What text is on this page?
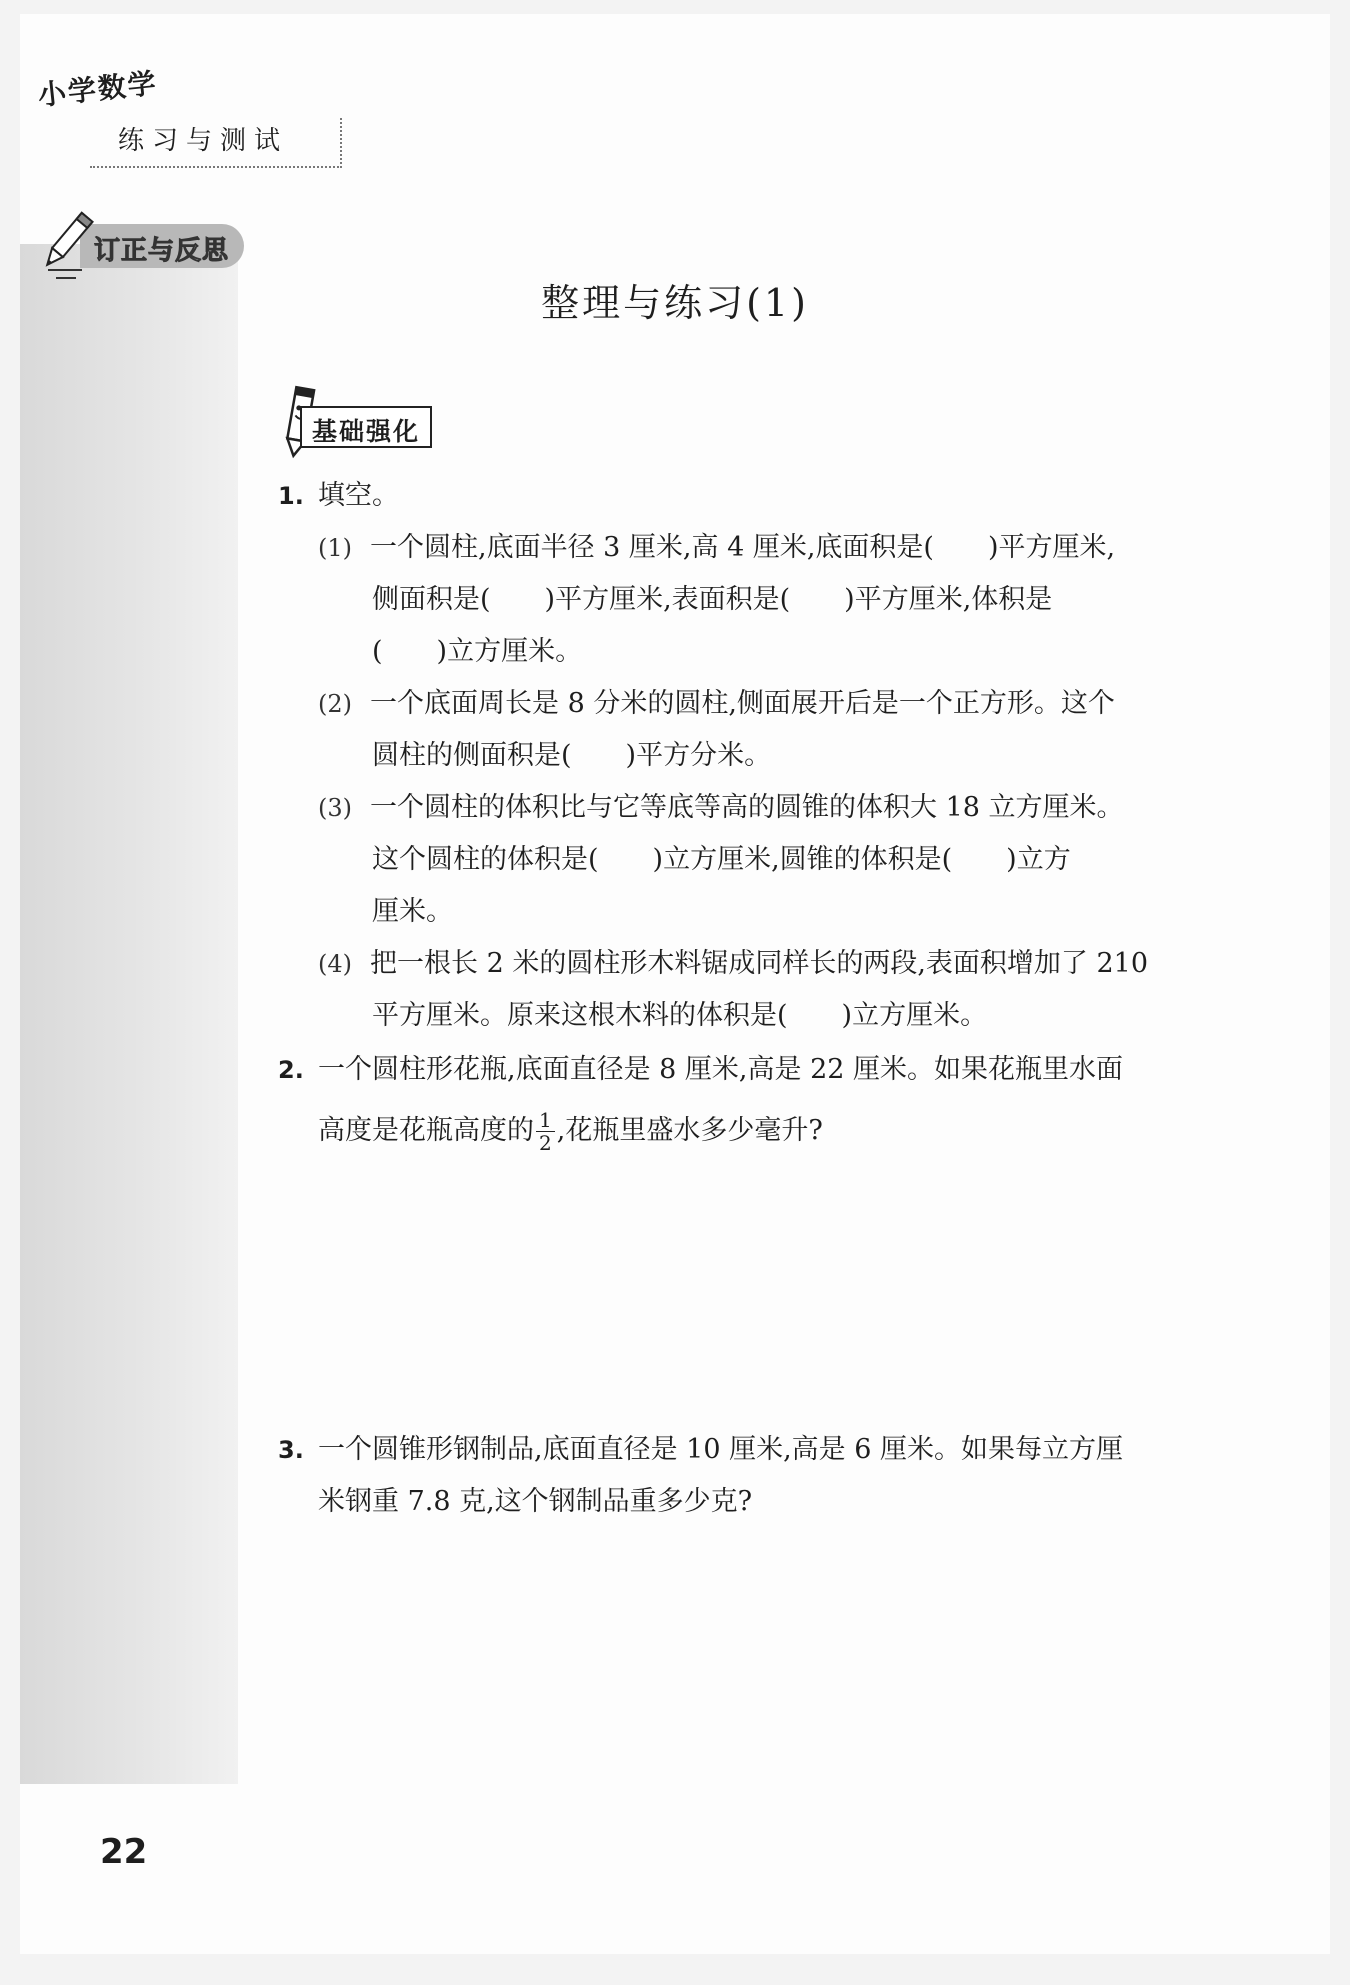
小学数学
练习与测试
订正与反思
整理与练习(1)
基础强化
1. 填空。
(1) 一个圆柱,底面半径 3 厘米,高 4 厘米,底面积是(　　)平方厘米,
侧面积是(　　)平方厘米,表面积是(　　)平方厘米,体积是
(　　)立方厘米。
(2) 一个底面周长是 8 分米的圆柱,侧面展开后是一个正方形。这个
圆柱的侧面积是(　　)平方分米。
(3) 一个圆柱的体积比与它等底等高的圆锥的体积大 18 立方厘米。
这个圆柱的体积是(　　)立方厘米,圆锥的体积是(　　)立方
厘米。
(4) 把一根长 2 米的圆柱形木料锯成同样长的两段,表面积增加了 210
平方厘米。原来这根木料的体积是(　　)立方厘米。
2. 一个圆柱形花瓶,底面直径是 8 厘米,高是 22 厘米。如果花瓶里水面
高度是花瓶高度的 $\frac{1}{2}$ ,花瓶里盛水多少毫升?
3. 一个圆锥形钢制品,底面直径是 10 厘米,高是 6 厘米。如果每立方厘
米钢重 7.8 克,这个钢制品重多少克?
22
